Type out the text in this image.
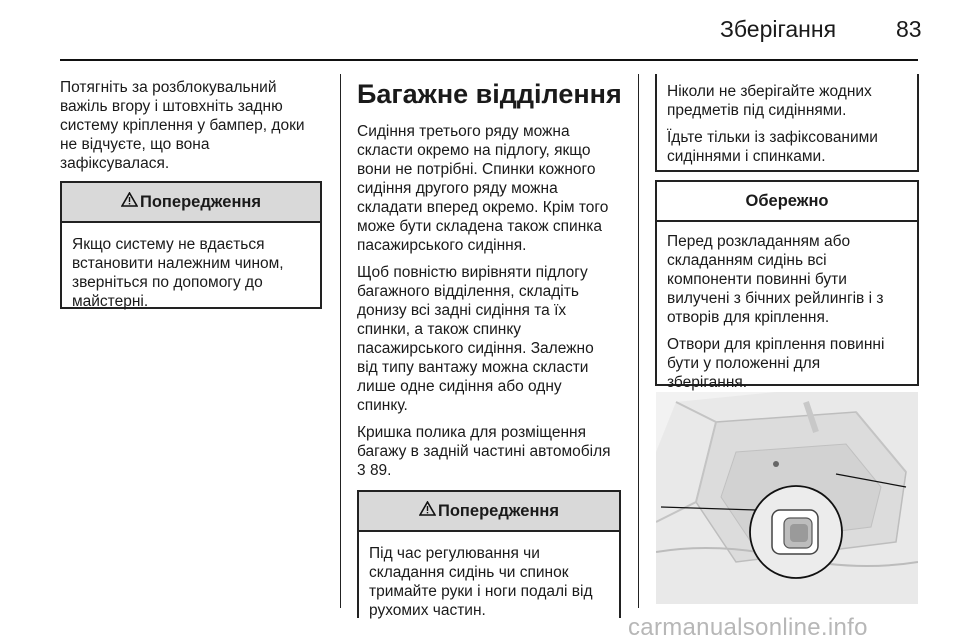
Зберігання	83

Потягніть за розблокувальний
важіль вгору і штовхніть задню
систему кріплення у бампер, доки
не відчуєте, що вона
зафіксувалася.

Попередження

Якщо систему не вдається
встановити належним чином,
зверніться по допомогу до
майстерні.

Багажне відділення

Сидіння третього ряду можна
скласти окремо на підлогу, якщо
вони не потрібні. Спинки кожного
сидіння другого ряду можна
складати вперед окремо. Крім того
може бути складена також спинка
пасажирського сидіння.

Щоб повністю вирівняти підлогу
багажного відділення, складіть
донизу всі задні сидіння та їх
спинки, а також спинку
пасажирського сидіння. Залежно
від типу вантажу можна скласти
лише одне сидіння або одну
спинку.

Кришка полика для розміщення
багажу в задній частині автомобіля
3 89.

Попередження

Під час регулювання чи
складання сидінь чи спинок
тримайте руки і ноги подалі від
рухомих частин.

Ніколи не зберігайте жодних
предметів під сидіннями.

Їдьте тільки із зафіксованими
сидіннями і спинками.

Обережно

Перед розкладанням або
складанням сидінь всі
компоненти повинні бути
вилучені з бічних рейлингів і з
отворів для кріплення.

Отвори для кріплення повинні
бути у положенні для
зберігання.

carmanualsonline.info
